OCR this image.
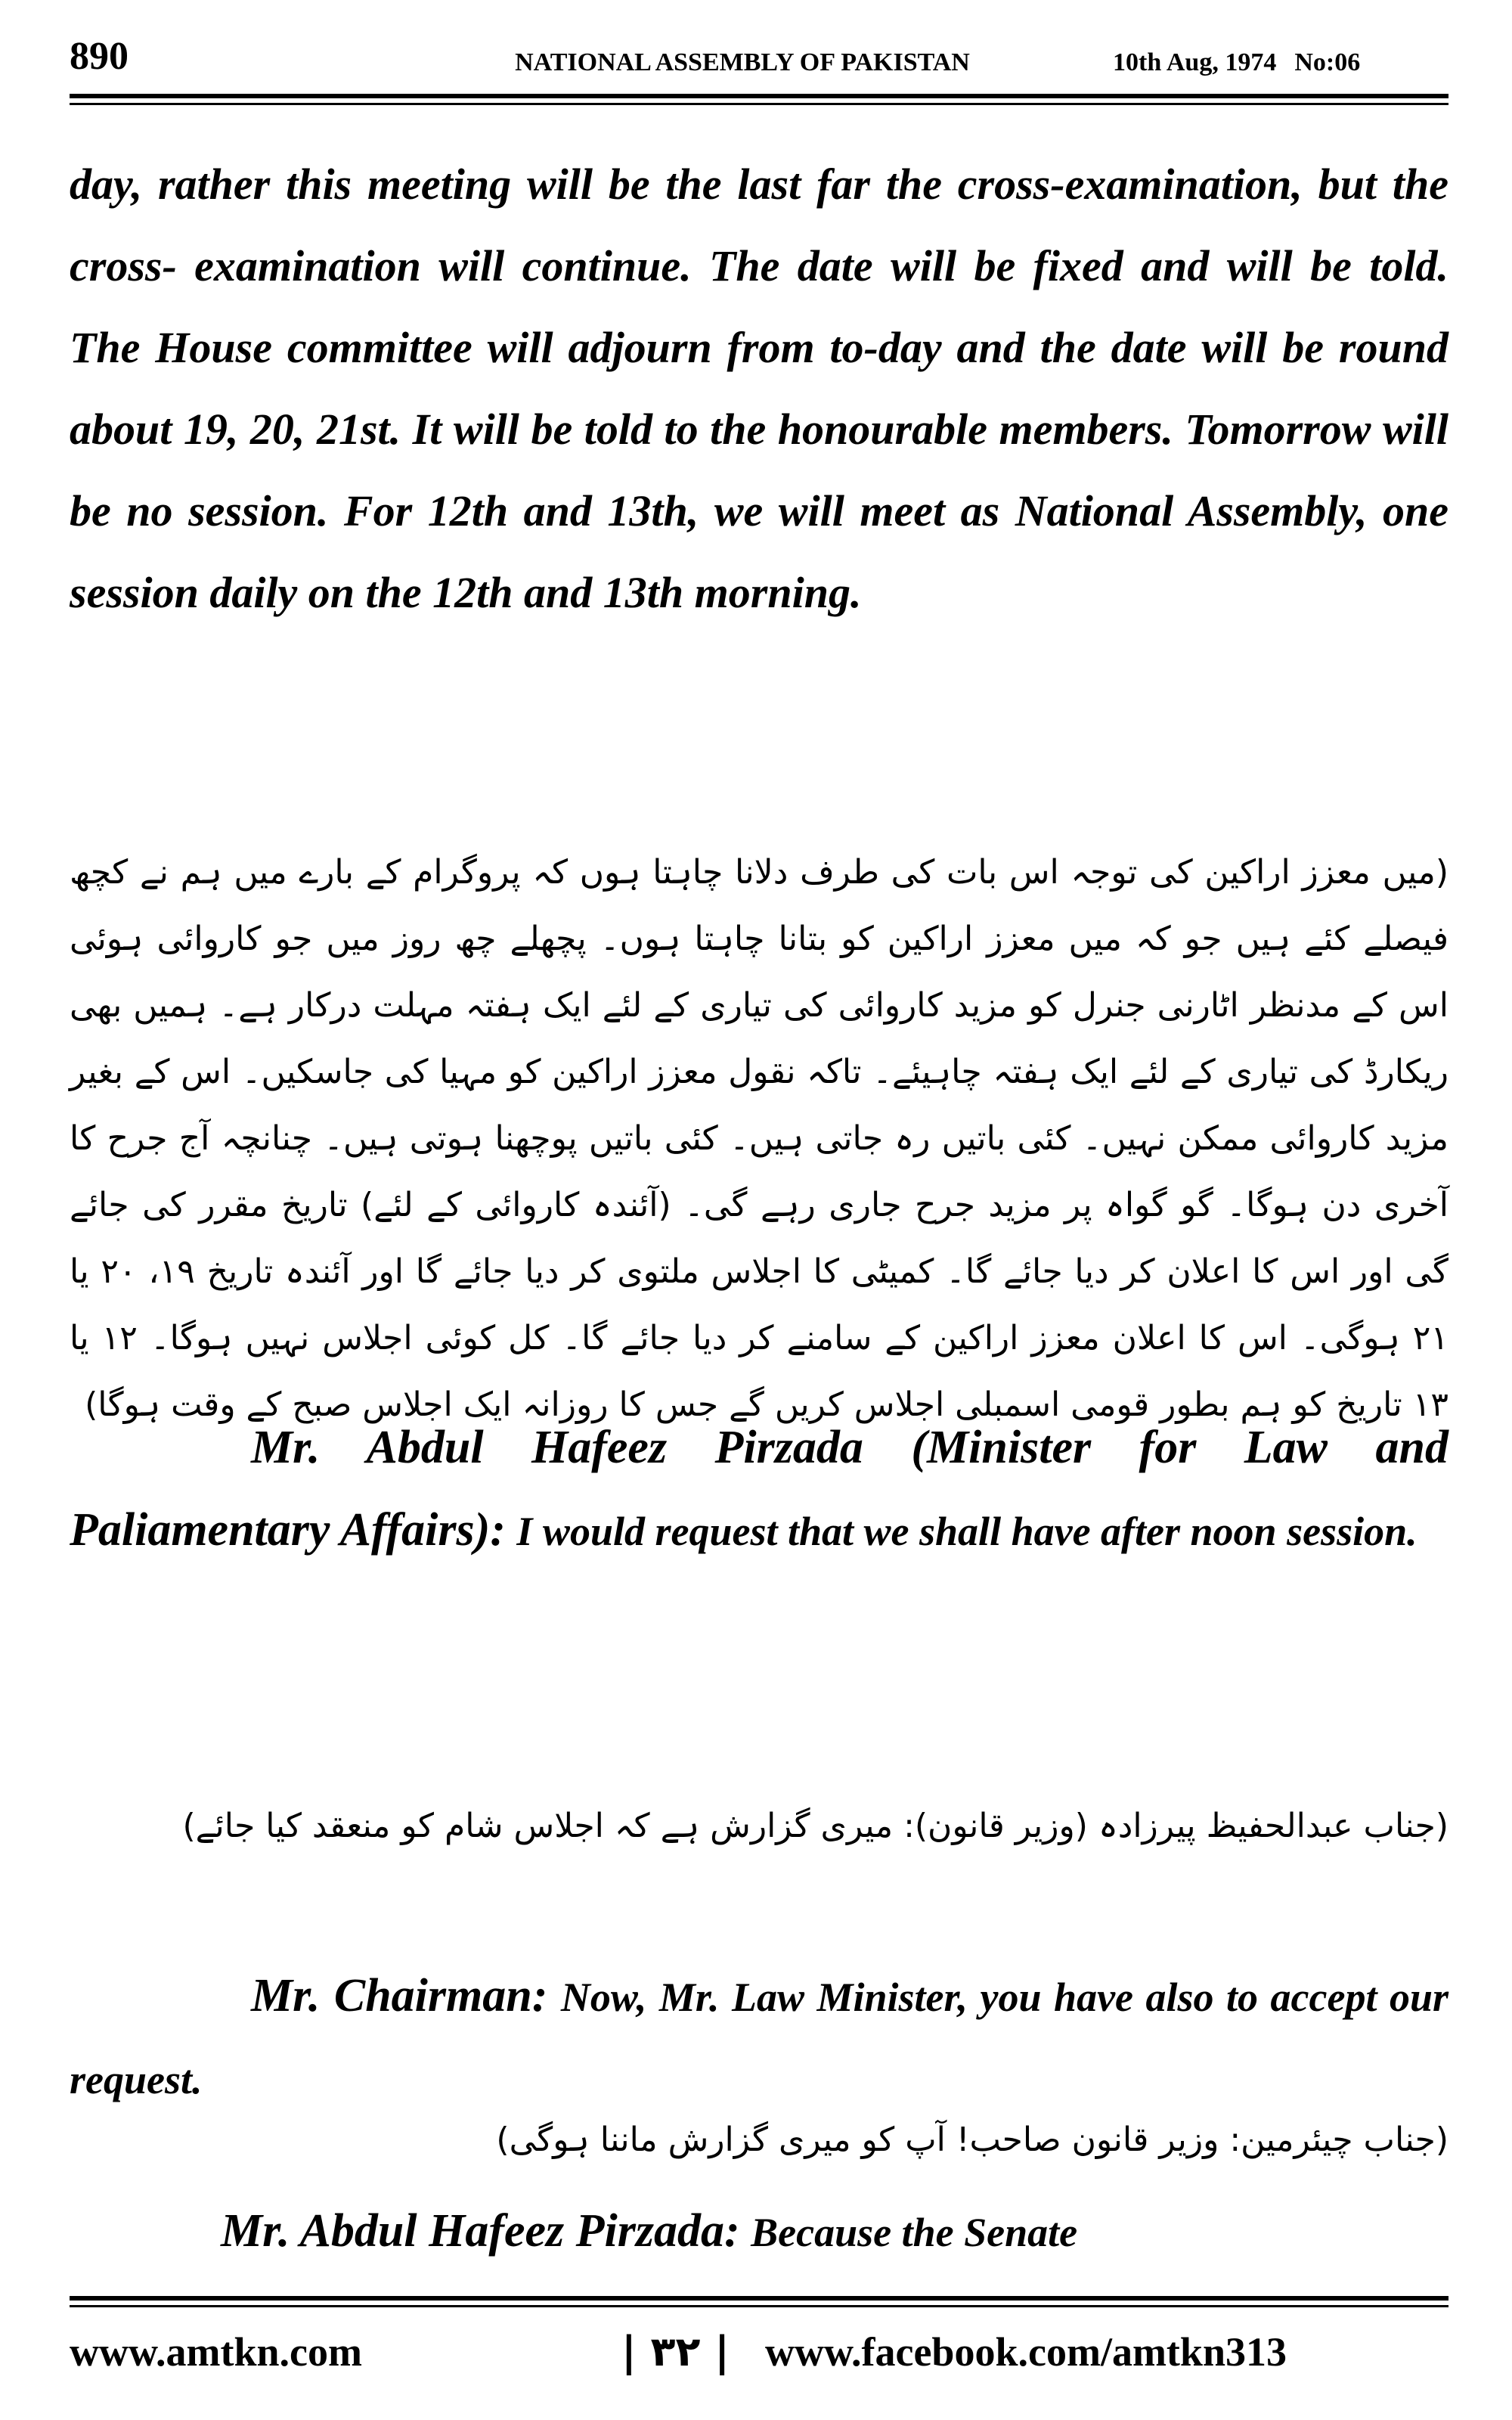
890	NATIONAL ASSEMBLY OF PAKISTAN	10th Aug, 1974 No:06

day, rather this meeting will be the last far the cross-examination, but the cross- examination will continue. The date will be fixed and will be told. The House committee will adjourn from to-day and the date will be round about 19, 20, 21st. It will be told to the honourable members. Tomorrow will be no session. For 12th and 13th, we will meet as National Assembly, one session daily on the 12th and 13th morning.

(میں معزز اراکین کی توجہ اس بات کی طرف دلانا چاہتا ہوں کہ پروگرام کے بارے میں ہم نے کچھ فیصلے کئے ہیں جو کہ میں معزز اراکین کو بتانا چاہتا ہوں۔ پچھلے چھ روز میں جو کاروائی ہوئی اس کے مدنظر اٹارنی جنرل کو مزید کاروائی کی تیاری کے لئے ایک ہفتہ مہلت درکار ہے۔ ہمیں بھی ریکارڈ کی تیاری کے لئے ایک ہفتہ چاہیئے۔ تاکہ نقول معزز اراکین کو مہیا کی جاسکیں۔ اس کے بغیر مزید کاروائی ممکن نہیں۔ کئی باتیں رہ جاتی ہیں۔ کئی باتیں پوچھنا ہوتی ہیں۔ چنانچہ آج جرح کا آخری دن ہوگا۔ گو گواہ پر مزید جرح جاری رہے گی۔ (آئندہ کاروائی کے لئے) تاریخ مقرر کی جائے گی اور اس کا اعلان کر دیا جائے گا۔ کمیٹی کا اجلاس ملتوی کر دیا جائے گا اور آئندہ تاریخ ۱۹، ۲۰ یا ۲۱ ہوگی۔ اس کا اعلان معزز اراکین کے سامنے کر دیا جائے گا۔ کل کوئی اجلاس نہیں ہوگا۔ ۱۲ یا ۱۳ تاریخ کو ہم بطور قومی اسمبلی اجلاس کریں گے جس کا روزانہ ایک اجلاس صبح کے وقت ہوگا)

Mr. Abdul Hafeez Pirzada (Minister for Law and Paliamentary Affairs): I would request that we shall have after noon session.

(جناب عبدالحفیظ پیرزادہ (وزیر قانون): میری گزارش ہے کہ اجلاس شام کو منعقد کیا جائے)

Mr. Chairman: Now, Mr. Law Minister, you have also to accept our request.

(جناب چیئرمین: وزیر قانون صاحب! آپ کو میری گزارش ماننا ہوگی)

Mr. Abdul Hafeez Pirzada: Because the Senate

www.amtkn.com	| ۳۲ | www.facebook.com/amtkn313
